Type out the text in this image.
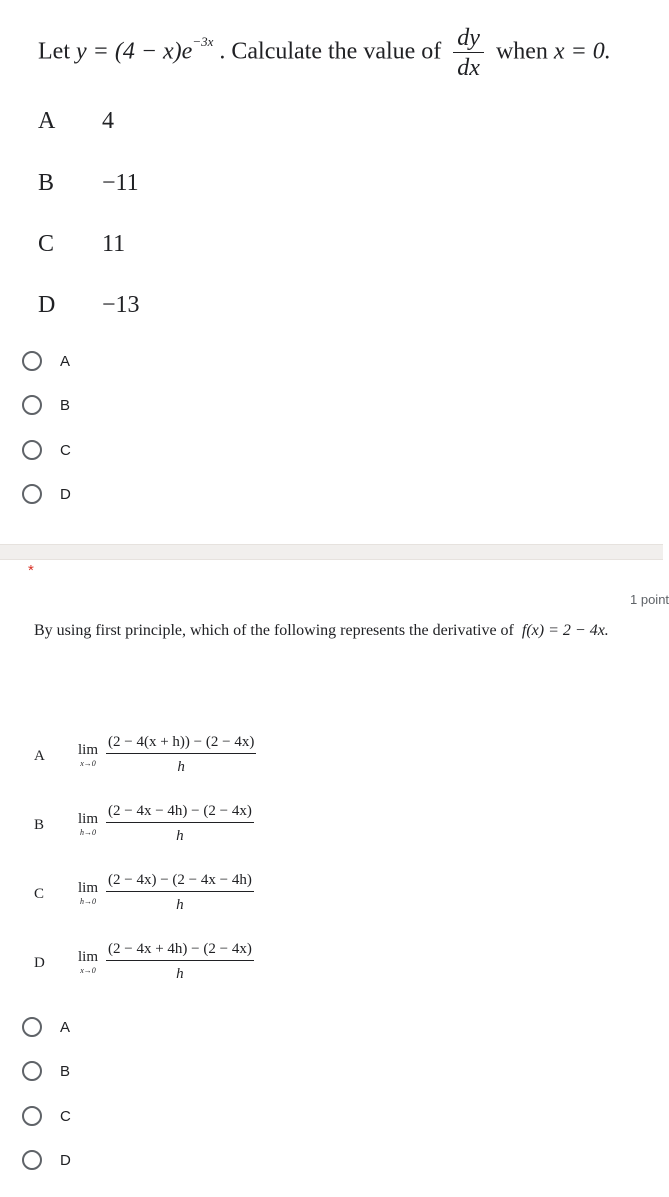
Let $y = (4 - x)e^{-3x}$ . Calculate the value of $\frac{dy}{dx}$ when x = 0.
A 4
B −11
C 11
D −13
A
B
C
D
*
1 point
By using first principle, which of the following represents the derivative of f(x) = 2 − 4x.
A lim
x→0
$\frac{(2 - 4(x + h)) - (2 - 4x)}{h}$
B lim
h→0
$\frac{(2 - 4x - 4h) - (2 - 4x)}{h}$
C lim
h→0
$\frac{(2 - 4x) - (2 - 4x - 4h)}{h}$
D lim
x→0
$\frac{(2 - 4x + 4h) - (2 - 4x)}{h}$
A
B
C
D
